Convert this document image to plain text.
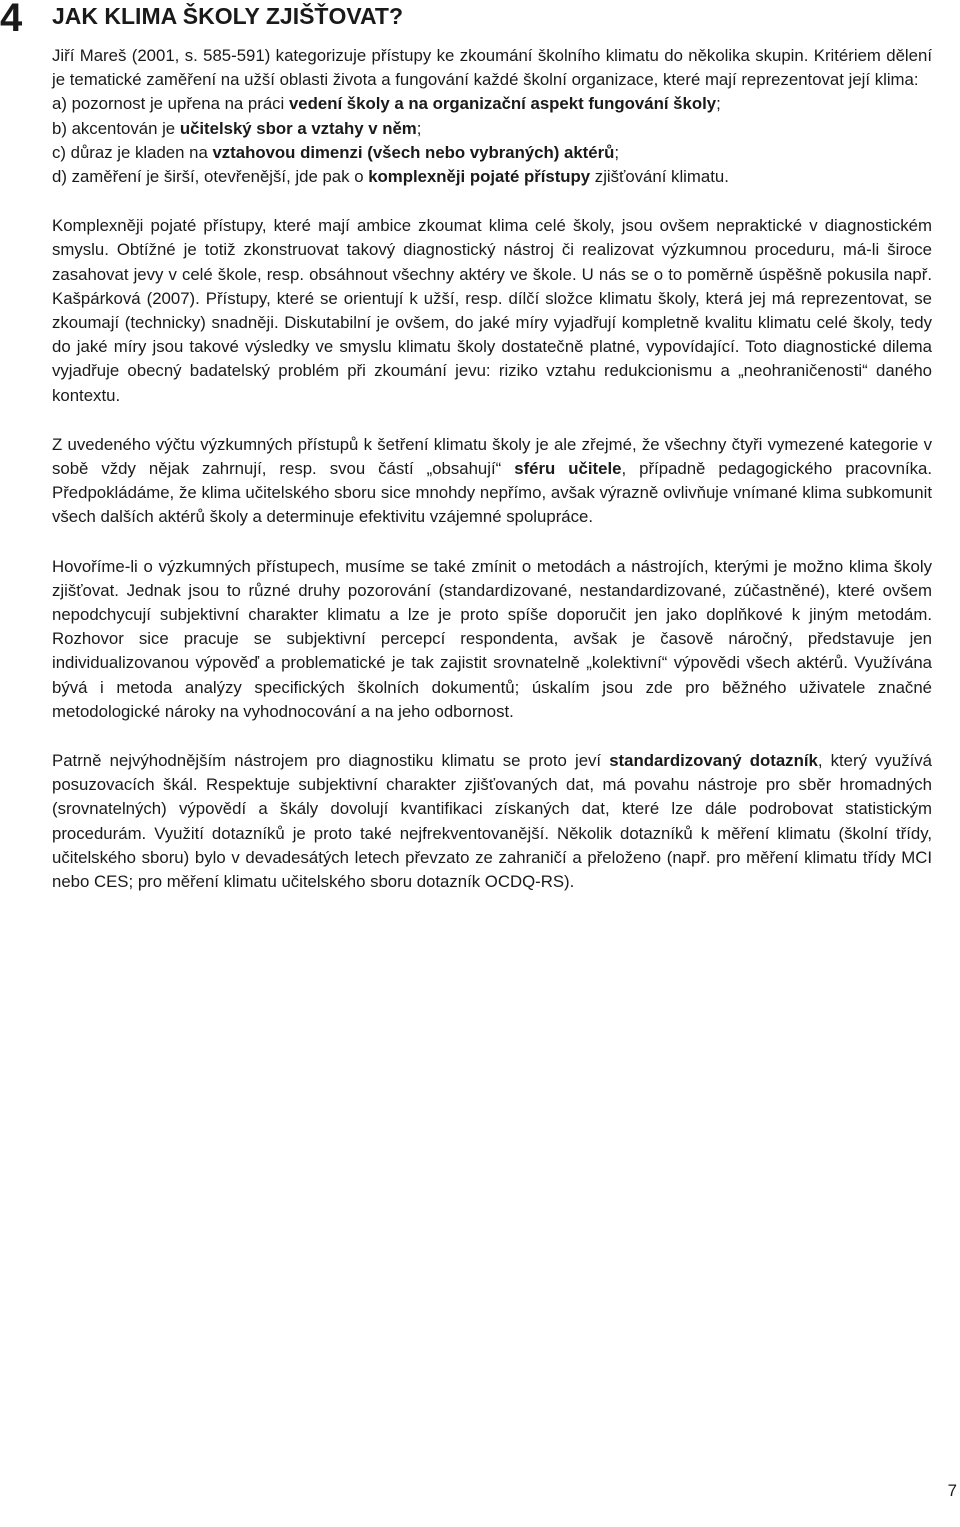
4 JAK KLIMA ŠKOLY ZJIŠŤOVAT?

Jiří Mareš (2001, s. 585-591) kategorizuje přístupy ke zkoumání školního klimatu do několika skupin. Kritériem dělení je tematické zaměření na užší oblasti života a fungování každé školní organizace, které mají reprezentovat její klima:
a) pozornost je upřena na práci vedení školy a na organizační aspekt fungování školy;
b) akcentován je učitelský sbor a vztahy v něm;
c) důraz je kladen na vztahovou dimenzi (všech nebo vybraných) aktérů;
d) zaměření je širší, otevřenější, jde pak o komplexněji pojaté přístupy zjišťování klimatu.

Komplexněji pojaté přístupy, které mají ambice zkoumat klima celé školy, jsou ovšem nepraktické v diagnostickém smyslu. Obtížné je totiž zkonstruovat takový diagnostický nástroj či realizovat výzkumnou proceduru, má-li široce zasahovat jevy v celé škole, resp. obsáhnout všechny aktéry ve škole. U nás se o to poměrně úspěšně pokusila např. Kašpárková (2007). Přístupy, které se orientují k užší, resp. dílčí složce klimatu školy, která jej má reprezentovat, se zkoumají (technicky) snadněji. Diskutabilní je ovšem, do jaké míry vyjadřují kompletně kvalitu klimatu celé školy, tedy do jaké míry jsou takové výsledky ve smyslu klimatu školy dostatečně platné, vypovídající. Toto diagnostické dilema vyjadřuje obecný badatelský problém při zkoumání jevu: riziko vztahu redukcionismu a „neohraničenosti“ daného kontextu.

Z uvedeného výčtu výzkumných přístupů k šetření klimatu školy je ale zřejmé, že všechny čtyři vymezené kategorie v sobě vždy nějak zahrnují, resp. svou částí „obsahují“ sféru učitele, případně pedagogického pracovníka. Předpokládáme, že klima učitelského sboru sice mnohdy nepřímo, avšak výrazně ovlivňuje vnímané klima subkomunit všech dalších aktérů školy a determinuje efektivitu vzájemné spolupráce.

Hovoříme-li o výzkumných přístupech, musíme se také zmínit o metodách a nástrojích, kterými je možno klima školy zjišťovat. Jednak jsou to různé druhy pozorování (standardizované, nestandardizované, zúčastněné), které ovšem nepodchycují subjektivní charakter klimatu a lze je proto spíše doporučit jen jako doplňkové k jiným metodám. Rozhovor sice pracuje se subjektivní percepcí respondenta, avšak je časově náročný, představuje jen individualizovanou výpověď a problematické je tak zajistit srovnatelně „kolektivní“ výpovědi všech aktérů. Využívána bývá i metoda analýzy specifických školních dokumentů; úskalím jsou zde pro běžného uživatele značné metodologické nároky na vyhodnocování a na jeho odbornost.

Patrně nejvýhodnějším nástrojem pro diagnostiku klimatu se proto jeví standardizovaný dotazník, který využívá posuzovacích škál. Respektuje subjektivní charakter zjišťovaných dat, má povahu nástroje pro sběr hromadných (srovnatelných) výpovědí a škály dovolují kvantifikaci získaných dat, které lze dále podrobovat statistickým procedurám. Využití dotazníků je proto také nejfrekventovanější. Několik dotazníků k měření klimatu (školní třídy, učitelského sboru) bylo v devadesátých letech převzato ze zahraničí a přeloženo (např. pro měření klimatu třídy MCI nebo CES; pro měření klimatu učitelského sboru dotazník OCDQ-RS).

7
